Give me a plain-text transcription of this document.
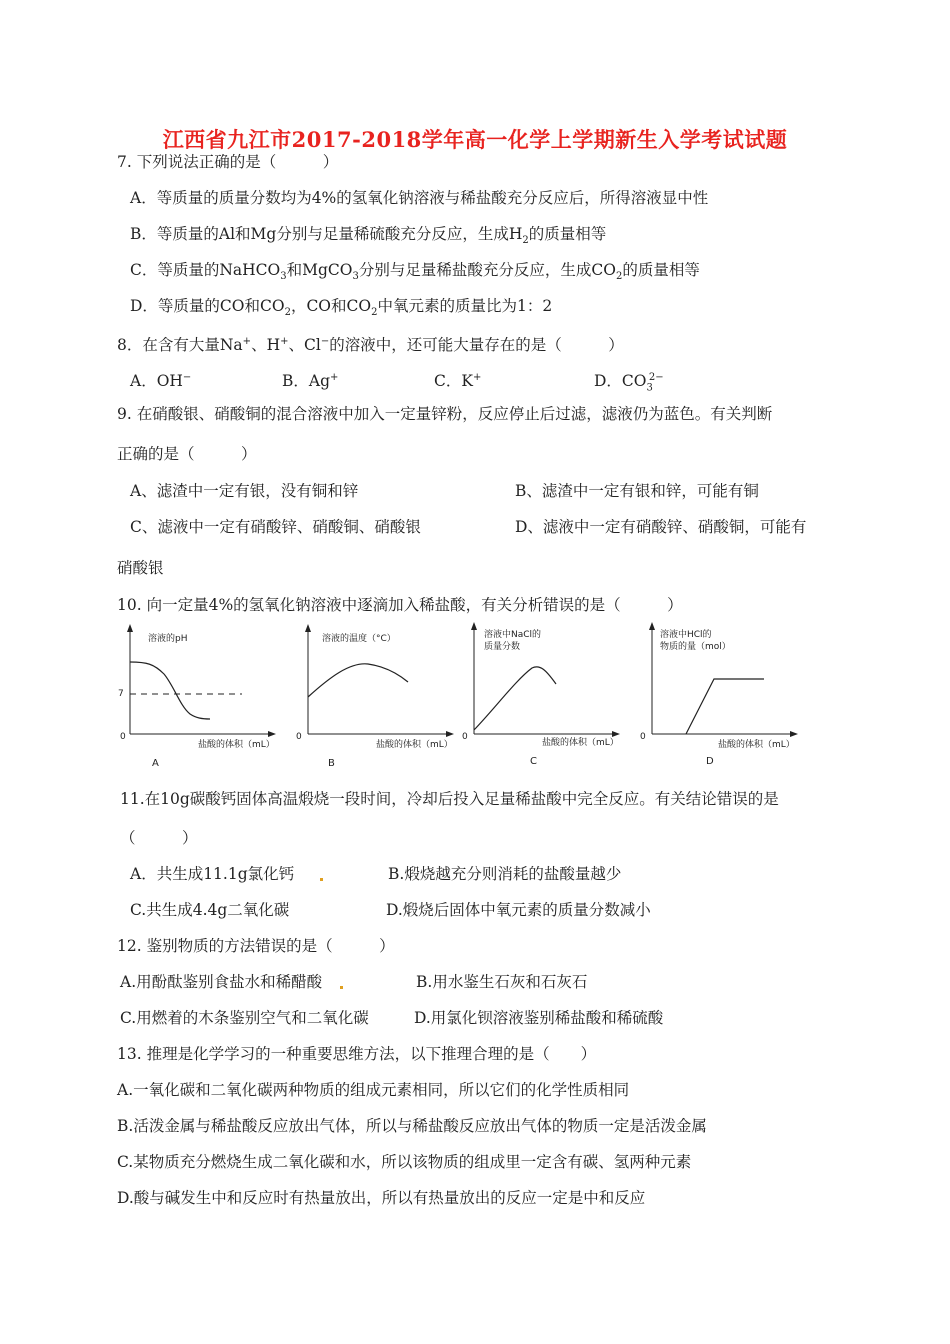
江西省九江市2017-2018学年高一化学上学期新生入学考试试题
7. 下列说法正确的是（　　　）
A．等质量的质量分数均为4%的氢氧化钠溶液与稀盐酸充分反应后，所得溶液显中性
B．等质量的Al和Mg分别与足量稀硫酸充分反应，生成$H_2$的质量相等
C．等质量的NaHCO$_3$和MgCO$_3$分别与足量稀盐酸充分反应，生成$CO_2$的质量相等
D．等质量的CO和$CO_2$，CO和$CO_2$中氧元素的质量比为1：2
8．在含有大量Na+、H+、Cl−的溶液中，还可能大量存在的是（　　　）
A．OH−	B．Ag+	C．K+	D．$CO_3^{2-}$
9. 在硝酸银、硝酸铜的混合溶液中加入一定量锌粉，反应停止后过滤，滤液仍为蓝色。有关判断
正确的是（　　　）
A、滤渣中一定有银，没有铜和锌	B、滤渣中一定有银和锌，可能有铜
C、滤液中一定有硝酸锌、硝酸铜、硝酸银	D、滤液中一定有硝酸锌、硝酸铜，可能有
硝酸银
10. 向一定量4%的氢氧化钠溶液中逐滴加入稀盐酸，有关分析错误的是（　　　）
溶液的pH
7
0
盐酸的体积（mL）
A
溶液的温度（°C）
0
盐酸的体积（mL）
B
溶液中NaCl的
质量分数
0
盐酸的体积（mL）
C
溶液中HCl的
物质的量（mol）
0
盐酸的体积（mL）
D
11.在10g碳酸钙固体高温煅烧一段时间，冷却后投入足量稀盐酸中完全反应。有关结论错误的是
（　　　）
A．共生成11.1g氯化钙	B.煅烧越充分则消耗的盐酸量越少
C.共生成4.4g二氧化碳	D.煅烧后固体中氧元素的质量分数减小
12. 鉴别物质的方法错误的是（　　　）
A.用酚酞鉴别食盐水和稀醋酸	B.用水鉴生石灰和石灰石
C.用燃着的木条鉴别空气和二氧化碳	D.用氯化钡溶液鉴别稀盐酸和稀硫酸
13. 推理是化学学习的一种重要思维方法，以下推理合理的是（　　）
A.一氧化碳和二氧化碳两种物质的组成元素相同，所以它们的化学性质相同
B.活泼金属与稀盐酸反应放出气体，所以与稀盐酸反应放出气体的物质一定是活泼金属
C.某物质充分燃烧生成二氧化碳和水，所以该物质的组成里一定含有碳、氢两种元素
D.酸与碱发生中和反应时有热量放出，所以有热量放出的反应一定是中和反应
